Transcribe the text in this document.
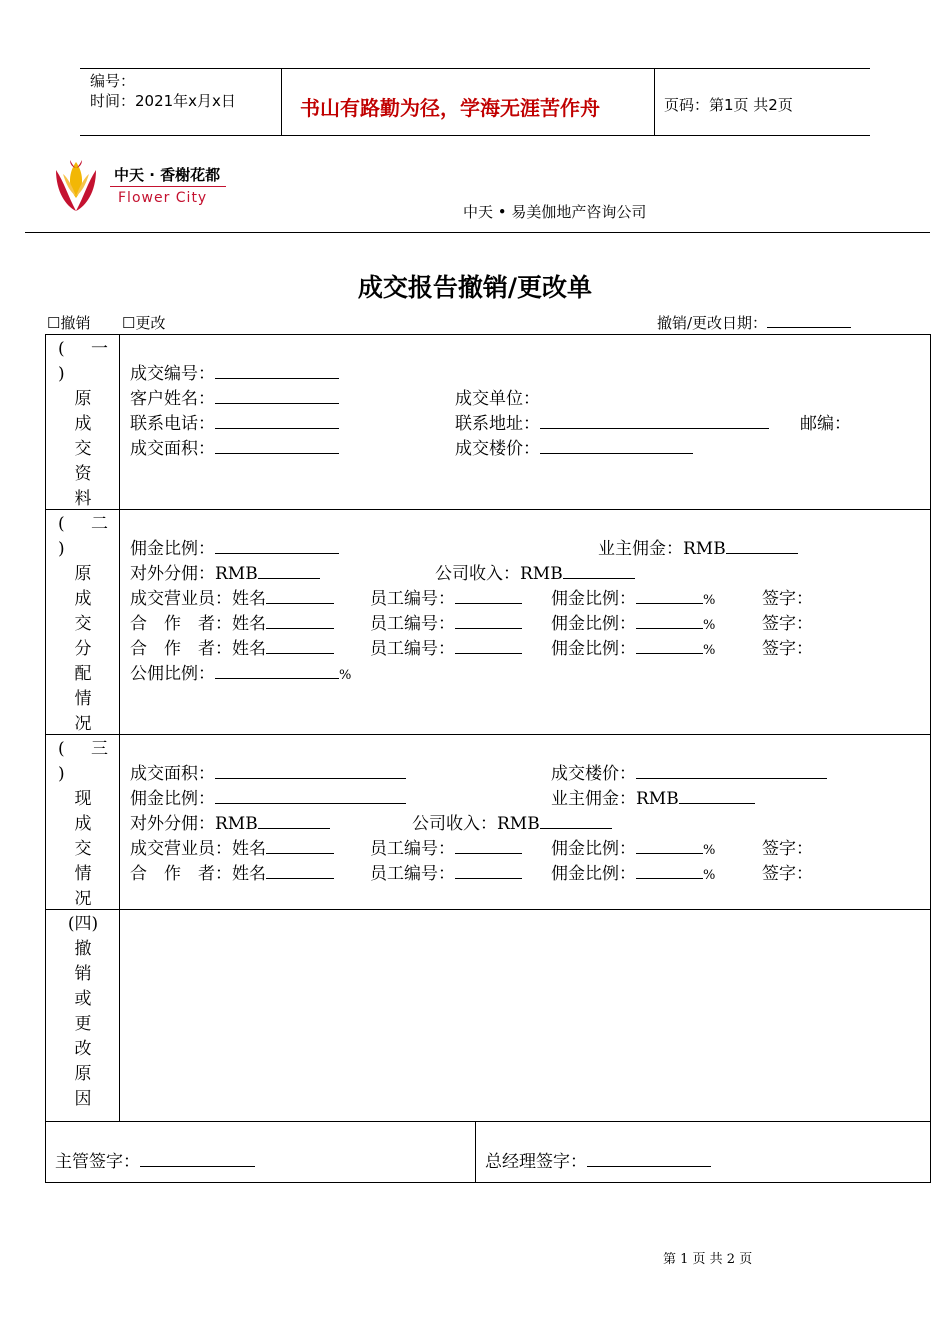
编号：
时间：2021年x月x日	书山有路勤为径，学海无涯苦作舟	页码：第1页 共2页
中天 · 香榭花都
Flower City
中天 • 易美伽地产咨询公司
成交报告撤销/更改单
☐撤销 ☐更改	撤销/更改日期：
( 一
)
原
成
交
资
料
成交编号：
客户姓名：	成交单位：
联系电话：	联系地址：	邮编：
成交面积：	成交楼价：
( 二
)
原
成
交
分
配
情
况
佣金比例：	业主佣金：RMB
对外分佣：RMB	公司收入：RMB
成交营业员：姓名	员工编号：	佣金比例：	%	签字：
合　作　者：姓名	员工编号：	佣金比例：	%	签字：
合　作　者：姓名	员工编号：	佣金比例：	%	签字：
公佣比例：	%
( 三
)
现
成
交
情
况
成交面积：	成交楼价：
佣金比例：	业主佣金：RMB
对外分佣：RMB	公司收入：RMB
成交营业员：姓名	员工编号：	佣金比例：	%	签字：
合　作　者：姓名	员工编号：	佣金比例：	%	签字：
(四)
撤
销
或
更
改
原
因
主管签字：	总经理签字：
第 1 页 共 2 页
